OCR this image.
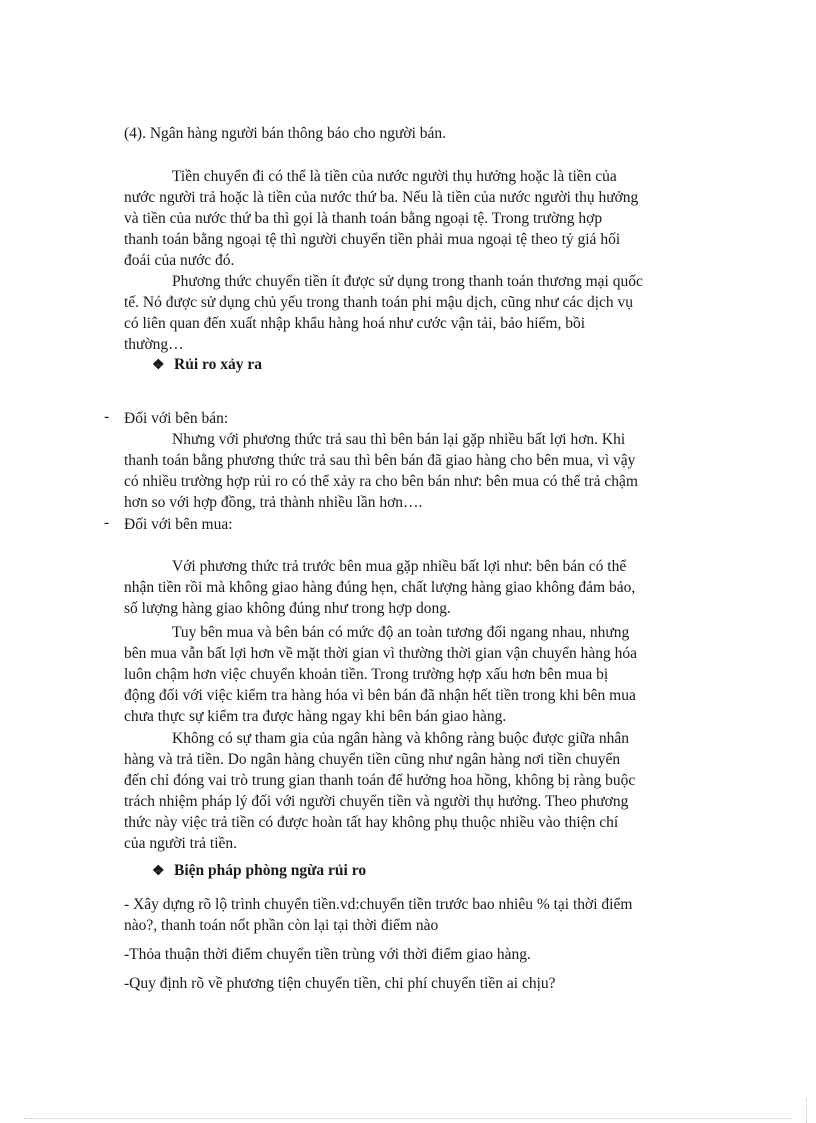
(4). Ngân hàng người bán thông báo cho người bán.
Tiền chuyển đi có thể là tiền của nước người thụ hưởng hoặc là tiền của
nước người trả hoặc là tiền của nước thứ ba. Nếu là tiền của nước người thụ hưởng
và tiền của nước thứ ba thì gọi là thanh toán bằng ngoại tệ. Trong trường hợp
thanh toán bằng ngoại tệ thì người chuyển tiền phải mua ngoại tệ theo tỷ giá hối
đoái của nước đó.
Phương thức chuyển tiền ít được sử dụng trong thanh toán thương mại quốc
tế. Nó được sử dụng chủ yếu trong thanh toán phi mậu dịch, cũng như các dịch vụ
có liên quan đến xuất nhập khẩu hàng hoá như cước vận tải, bảo hiểm, bồi
thường…
❖ Rủi ro xảy ra
- Đối với bên bán:
Nhưng với phương thức trả sau thì bên bán lại gặp nhiều bất lợi hơn. Khi
thanh toán bằng phương thức trả sau thì bên bán đã giao hàng cho bên mua, vì vậy
có nhiều trường hợp rủi ro có thể xảy ra cho bên bán như: bên mua có thể trả chậm
hơn so với hợp đồng, trả thành nhiều lần hơn….
- Đối với bên mua:
Với phương thức trả trước bên mua gặp nhiều bất lợi như: bên bán có thể
nhận tiền rồi mà không giao hàng đúng hẹn, chất lượng hàng giao không đảm bảo,
số lượng hàng giao không đúng như trong hợp dong.
Tuy bên mua và bên bán có mức độ an toàn tương đối ngang nhau, nhưng
bên mua vẫn bất lợi hơn về mặt thời gian vì thường thời gian vận chuyển hàng hóa
luôn chậm hơn việc chuyển khoản tiền. Trong trường hợp xấu hơn bên mua bị
động đối với việc kiểm tra hàng hóa vì bên bán đã nhận hết tiền trong khi bên mua
chưa thực sự kiểm tra được hàng ngay khi bên bán giao hàng.
Không có sự tham gia của ngân hàng và không ràng buộc được giữa nhân
hàng và trả tiền. Do ngân hàng chuyển tiền cũng như ngân hàng nơi tiền chuyển
đến chỉ đóng vai trò trung gian thanh toán để hưởng hoa hồng, không bị ràng buộc
trách nhiệm pháp lý đối với người chuyển tiền và người thụ hưởng. Theo phương
thức này việc trả tiền có được hoàn tất hay không phụ thuộc nhiều vào thiện chí
của người trả tiền.
❖ Biện pháp phòng ngừa rủi ro
- Xây dựng rõ lộ trình chuyển tiền.vd:chuyển tiền trước bao nhiêu % tại thời điểm
nào?, thanh toán nốt phần còn lại tại thời điểm nào
-Thỏa thuận thời điểm chuyển tiền trùng với thời điểm giao hàng.
-Quy định rõ về phương tiện chuyển tiền, chi phí chuyển tiền ai chịu?
